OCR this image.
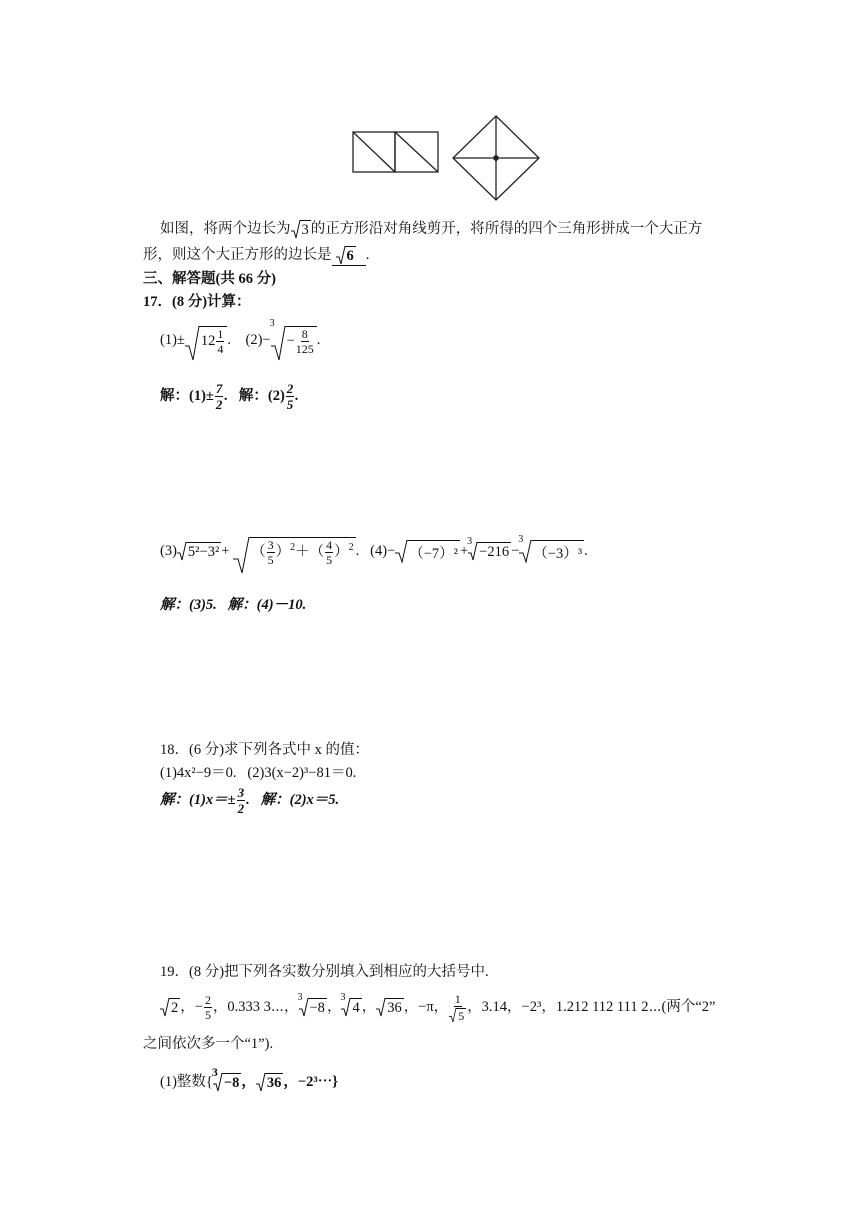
如图，将两个边长为 3 的正方形沿对角线剪开，将所得的四个三角形拼成一个大正方
形，则这个大正方形的边长是 6 .
三、解答题(共 66 分)
17．(8 分)计算：
$(1)\pm 12 \frac{1}{4}$ . (2)−
3
− $\frac{8}{125}$ .
解：$(1)\pm \frac{7}{2}$ . 解：$(2) \frac{2}{5}$ .
(3) 5²−3² + （ $\frac{3}{5} )^2+( \frac{4}{5} )^2$ . (4)− （−7）² +
3
−216 −
3
（−3）³ .
解：(3)5. 解：(4)－10.
18．(6 分)求下列各式中 x 的值：
(1)4x²−9＝0.   (2)3(x−2)³−81＝0.
解：$(1)x=\pm \frac{3}{2}$ . 解：(2)x＝5.
19．(8 分)把下列各实数分别填入到相应的大括号中.
2 ，− $\frac{2}{5}$ ，0.333 3⋯，
3
−8 ，
3
4 ， 36 ，−π， $\frac{1}{5}$ ，3.14，−2³，1.212 112 111 2⋯(两个“2”
之间依次多一个“1”).
(1)整数{
3
−8 ， 36 ，−2³⋯}
